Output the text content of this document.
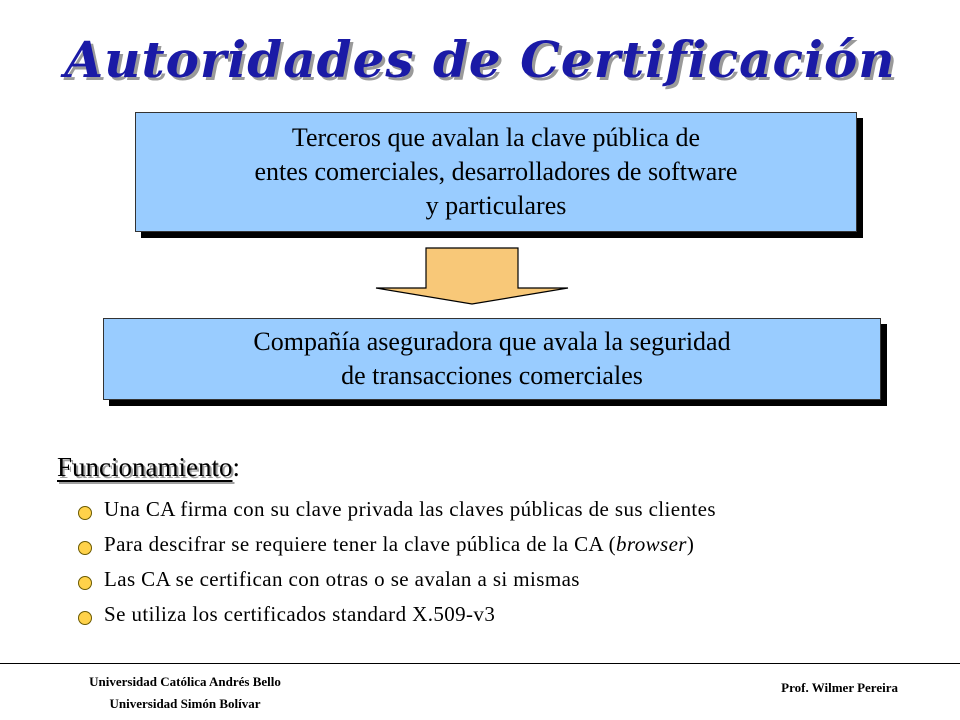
Autoridades de Certificación
Terceros que avalan la clave pública de
entes comerciales, desarrolladores de software
y particulares
Compañía aseguradora que avala la seguridad
de transacciones comerciales
Funcionamiento:
Una CA firma con su clave privada las claves públicas de sus clientes
Para descifrar se requiere tener la clave pública de la CA (browser)
Las CA se certifican con otras o se avalan a si mismas
Se utiliza los certificados standard X.509-v3
Universidad Católica Andrés Bello
Universidad Simón Bolívar
Prof. Wilmer Pereira
